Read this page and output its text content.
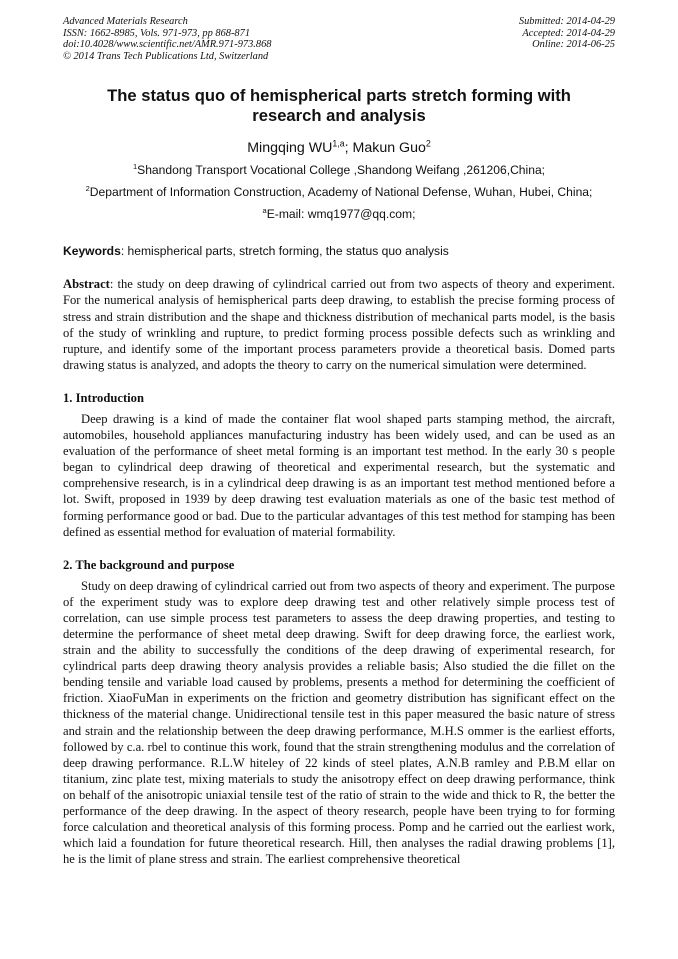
Advanced Materials Research
ISSN: 1662-8985, Vols. 971-973, pp 868-871
doi:10.4028/www.scientific.net/AMR.971-973.868
© 2014 Trans Tech Publications Ltd, Switzerland
Submitted: 2014-04-29
Accepted: 2014-04-29
Online: 2014-06-25
The status quo of hemispherical parts stretch forming with research and analysis
Mingqing WU$^{1,a}$; Makun Guo$^2$
$^1$Shandong Transport Vocational College ,Shandong Weifang ,261206,China;
$^2$Department of Information Construction, Academy of National Defense, Wuhan, Hubei, China;
$^a$E-mail: wmq1977@qq.com;
Keywords: hemispherical parts, stretch forming, the status quo analysis

Abstract: the study on deep drawing of cylindrical carried out from two aspects of theory and experiment. For the numerical analysis of hemispherical parts deep drawing, to establish the precise forming process of stress and strain distribution and the shape and thickness distribution of mechanical parts model, is the basis of the study of wrinkling and rupture, to predict forming process possible defects such as wrinkling and rupture, and identify some of the important process parameters provide a theoretical basis. Domed parts drawing status is analyzed, and adopts the theory to carry on the numerical simulation were determined.

1. Introduction

Deep drawing is a kind of made the container flat wool shaped parts stamping method, the aircraft, automobiles, household appliances manufacturing industry has been widely used, and can be used as an evaluation of the performance of sheet metal forming is an important test method. In the early 30 s people began to cylindrical deep drawing of theoretical and experimental research, but the systematic and comprehensive research, is in a cylindrical deep drawing is as an important test method mentioned before a lot. Swift, proposed in 1939 by deep drawing test evaluation materials as one of the basic test method of forming performance good or bad. Due to the particular advantages of this test method for stamping has been defined as essential method for evaluation of material formability.

2. The background and purpose

Study on deep drawing of cylindrical carried out from two aspects of theory and experiment. The purpose of the experiment study was to explore deep drawing test and other relatively simple process test of correlation, can use simple process test parameters to assess the deep drawing properties, and testing to determine the performance of sheet metal deep drawing. Swift for deep drawing force, the earliest work, strain and the ability to successfully the conditions of the deep drawing of experimental research, for cylindrical parts deep drawing theory analysis provides a reliable basis; Also studied the die fillet on the bending tensile and variable load caused by problems, presents a method for determining the coefficient of friction. XiaoFuMan in experiments on the friction and geometry distribution has significant effect on the thickness of the material change. Unidirectional tensile test in this paper measured the basic nature of stress and strain and the relationship between the deep drawing performance, M.H.S ommer is the earliest efforts, followed by c.a. rbel to continue this work, found that the strain strengthening modulus and the correlation of deep drawing performance. R.L.W hiteley of 22 kinds of steel plates, A.N.B ramley and P.B.M ellar on titanium, zinc plate test, mixing materials to study the anisotropy effect on deep drawing performance, think on behalf of the anisotropic uniaxial tensile test of the ratio of strain to the wide and thick to R, the better the performance of the deep drawing. In the aspect of theory research, people have been trying to for forming force calculation and theoretical analysis of this forming process. Pomp and he carried out the earliest work, which laid a foundation for future theoretical research. Hill, then analyses the radial drawing problems [1], he is the limit of plane stress and strain. The earliest comprehensive theoretical
